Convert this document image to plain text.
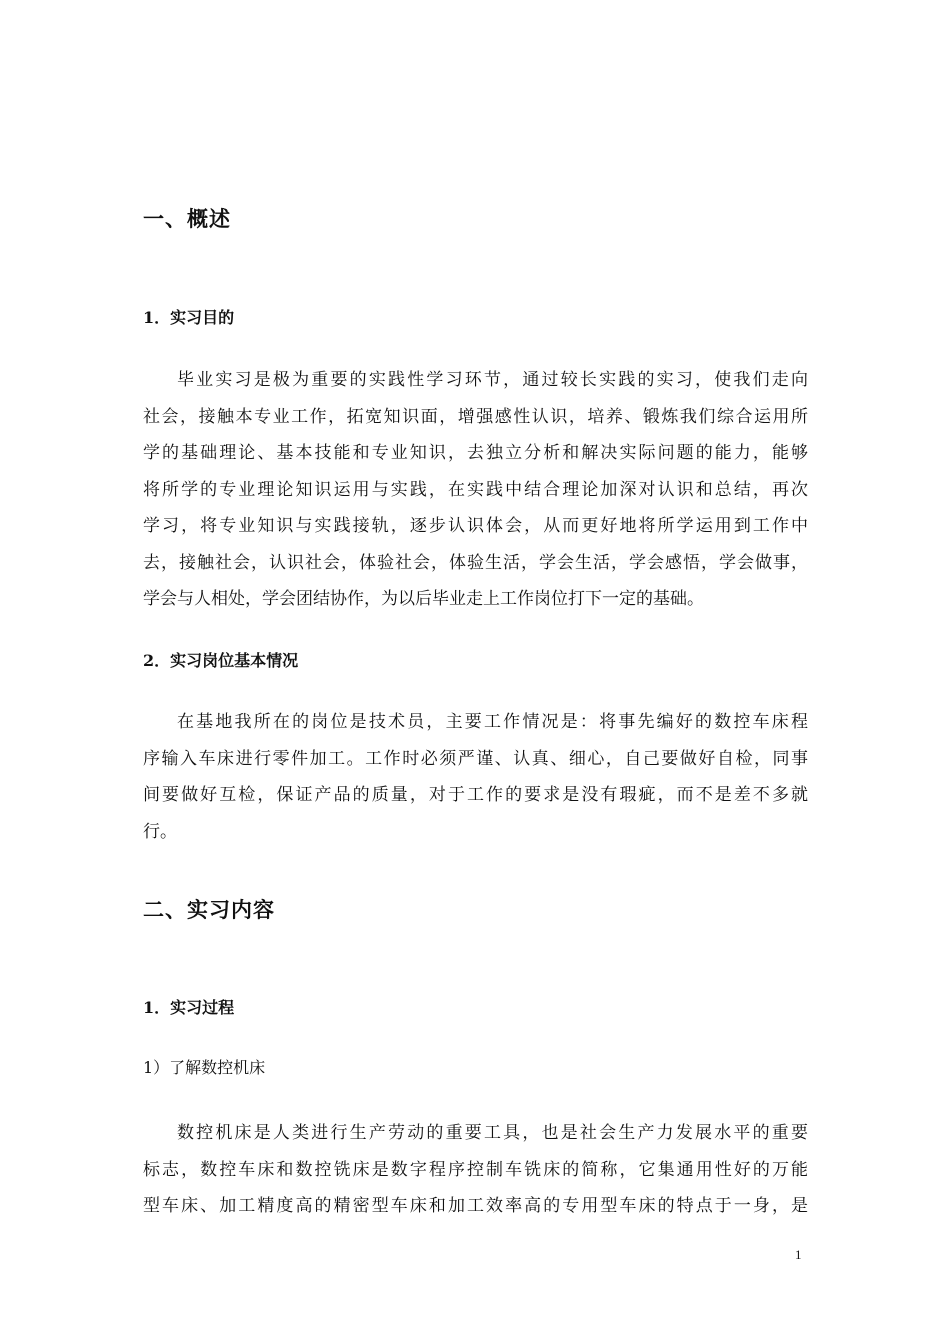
一、概述
1．实习目的
毕业实习是极为重要的实践性学习环节，通过较长实践的实习，使我们走向
社会，接触本专业工作，拓宽知识面，增强感性认识，培养、锻炼我们综合运用所
学的基础理论、基本技能和专业知识，去独立分析和解决实际问题的能力，能够
将所学的专业理论知识运用与实践，在实践中结合理论加深对认识和总结，再次
学习，将专业知识与实践接轨，逐步认识体会，从而更好地将所学运用到工作中
去，接触社会，认识社会，体验社会，体验生活，学会生活，学会感悟，学会做事，
学会与人相处，学会团结协作，为以后毕业走上工作岗位打下一定的基础。
2．实习岗位基本情况
在基地我所在的岗位是技术员，主要工作情况是：将事先编好的数控车床程
序输入车床进行零件加工。工作时必须严谨、认真、细心，自己要做好自检，同事
间要做好互检，保证产品的质量，对于工作的要求是没有瑕疵，而不是差不多就
行。
二、实习内容
1．实习过程
1）了解数控机床
数控机床是人类进行生产劳动的重要工具，也是社会生产力发展水平的重要
标志，数控车床和数控铣床是数字程序控制车铣床的简称，它集通用性好的万能
型车床、加工精度高的精密型车床和加工效率高的专用型车床的特点于一身，是
1
